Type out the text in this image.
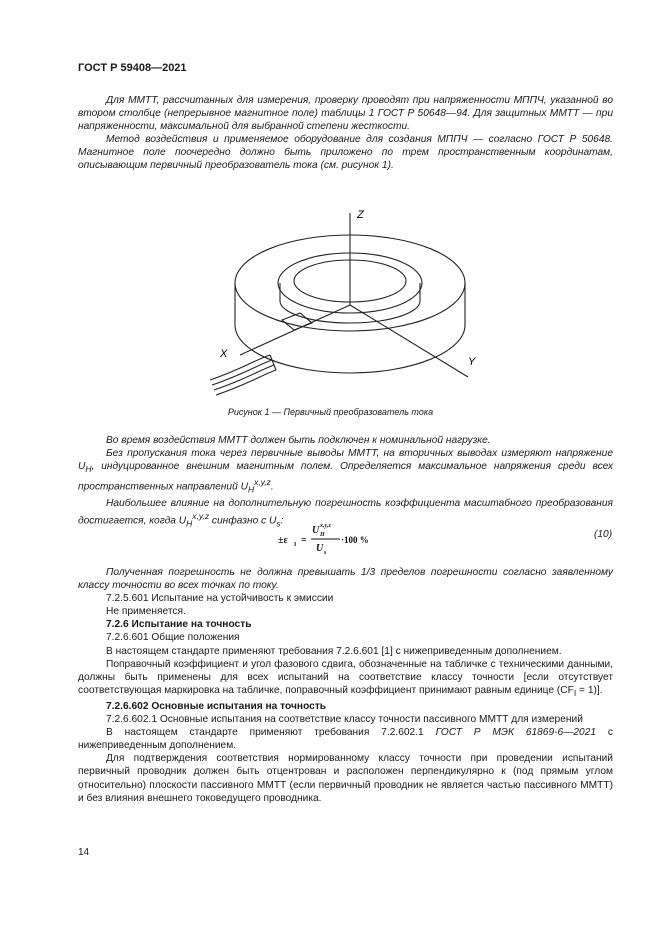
ГОСТ Р 59408—2021

Для ММТТ, рассчитанных для измерения, проверку проводят при напряженности МППЧ, указанной во втором столбце (непрерывное магнитное поле) таблицы 1 ГОСТ Р 50648—94. Для защитных ММТТ — при напряженности, максимальной для выбранной степени жесткости.

Метод воздействия и применяемое оборудование для создания МППЧ — согласно ГОСТ Р 50648. Магнитное поле поочередно должно быть приложено по трем пространственным координатам, описывающим первичный преобразователь тока (см. рисунок 1).

Z
X
Y
Рисунок 1 — Первичный преобразователь тока

Во время воздействия ММТТ должен быть подключен к номинальной нагрузке.

Без пропускания тока через первичные выводы ММТТ, на вторичных выводах измеряют напряжение $U_H$, индуцированное внешним магнитным полем. Определяется максимальное напряжения среди всех пространственных направлений $U_H^{x,y,z}$.

Наибольшее влияние на дополнительную погрешность коэффициента масштабного преобразования достигается, когда $U_H^{x,y,z}$ синфазно с $U_s$:

±ε I =
U H
x,y,z
U s
·100 %	(10)

Полученная погрешность не должна превышать 1/3 пределов погрешности согласно заявленному классу точности во всех точках по току.

7.2.5.601 Испытание на устойчивость к эмиссии

Не применяется.

7.2.6 Испытание на точность

7.2.6.601 Общие положения

В настоящем стандарте применяют требования 7.2.6.601 [1] с нижеприведенным дополнением.

Поправочный коэффициент и угол фазового сдвига, обозначенные на табличке с техническими данными, должны быть применены для всех испытаний на соответствие классу точности [если отсутствует соответствующая маркировка на табличке, поправочный коэффициент принимают равным единице $(CF_I = 1)$].

7.2.6.602 Основные испытания на точность

7.2.6.602.1 Основные испытания на соответствие классу точности пассивного ММТТ для измерений

В настоящем стандарте применяют требования 7.2.602.1 ГОСТ Р МЭК 61869-6—2021 с нижеприведенным дополнением.

Для подтверждения соответствия нормированному классу точности при проведении испытаний первичный проводник должен быть отцентрован и расположен перпендикулярно к (под прямым углом относительно) плоскости пассивного ММТТ (если первичный проводник не является частью пассивного ММТТ) и без влияния внешнего токоведущего проводника.

14
